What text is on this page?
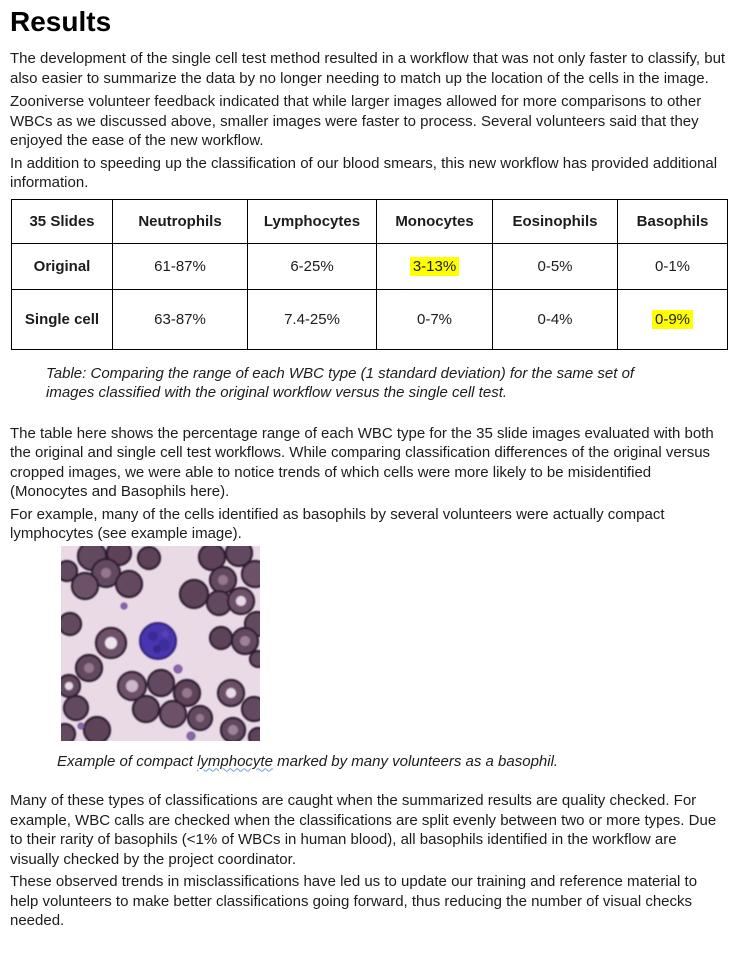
Results

The development of the single cell test method resulted in a workflow that was not only faster to classify, but also easier to summarize the data by no longer needing to match up the location of the cells in the image.

Zooniverse volunteer feedback indicated that while larger images allowed for more comparisons to other WBCs as we discussed above, smaller images were faster to process. Several volunteers said that they enjoyed the ease of the new workflow.

In addition to speeding up the classification of our blood smears, this new workflow has provided additional information.

35 Slides	Neutrophils	Lymphocytes	Monocytes	Eosinophils	Basophils
Original	61-87%	6-25%	3-13%	0-5%	0-1%
Single cell	63-87%	7.4-25%	0-7%	0-4%	0-9%

Table: Comparing the range of each WBC type (1 standard deviation) for the same set of images classified with the original workflow versus the single cell test.

The table here shows the percentage range of each WBC type for the 35 slide images evaluated with both the original and single cell test workflows. While comparing classification differences of the original versus cropped images, we were able to notice trends of which cells were more likely to be misidentified (Monocytes and Basophils here).

For example, many of the cells identified as basophils by several volunteers were actually compact lymphocytes (see example image).

Example of compact lymphocyte marked by many volunteers as a basophil.

Many of these types of classifications are caught when the summarized results are quality checked. For example, WBC calls are checked when the classifications are split evenly between two or more types. Due to their rarity of basophils (<1% of WBCs in human blood), all basophils identified in the workflow are visually checked by the project coordinator.

These observed trends in misclassifications have led us to update our training and reference material to help volunteers to make better classifications going forward, thus reducing the number of visual checks needed.
